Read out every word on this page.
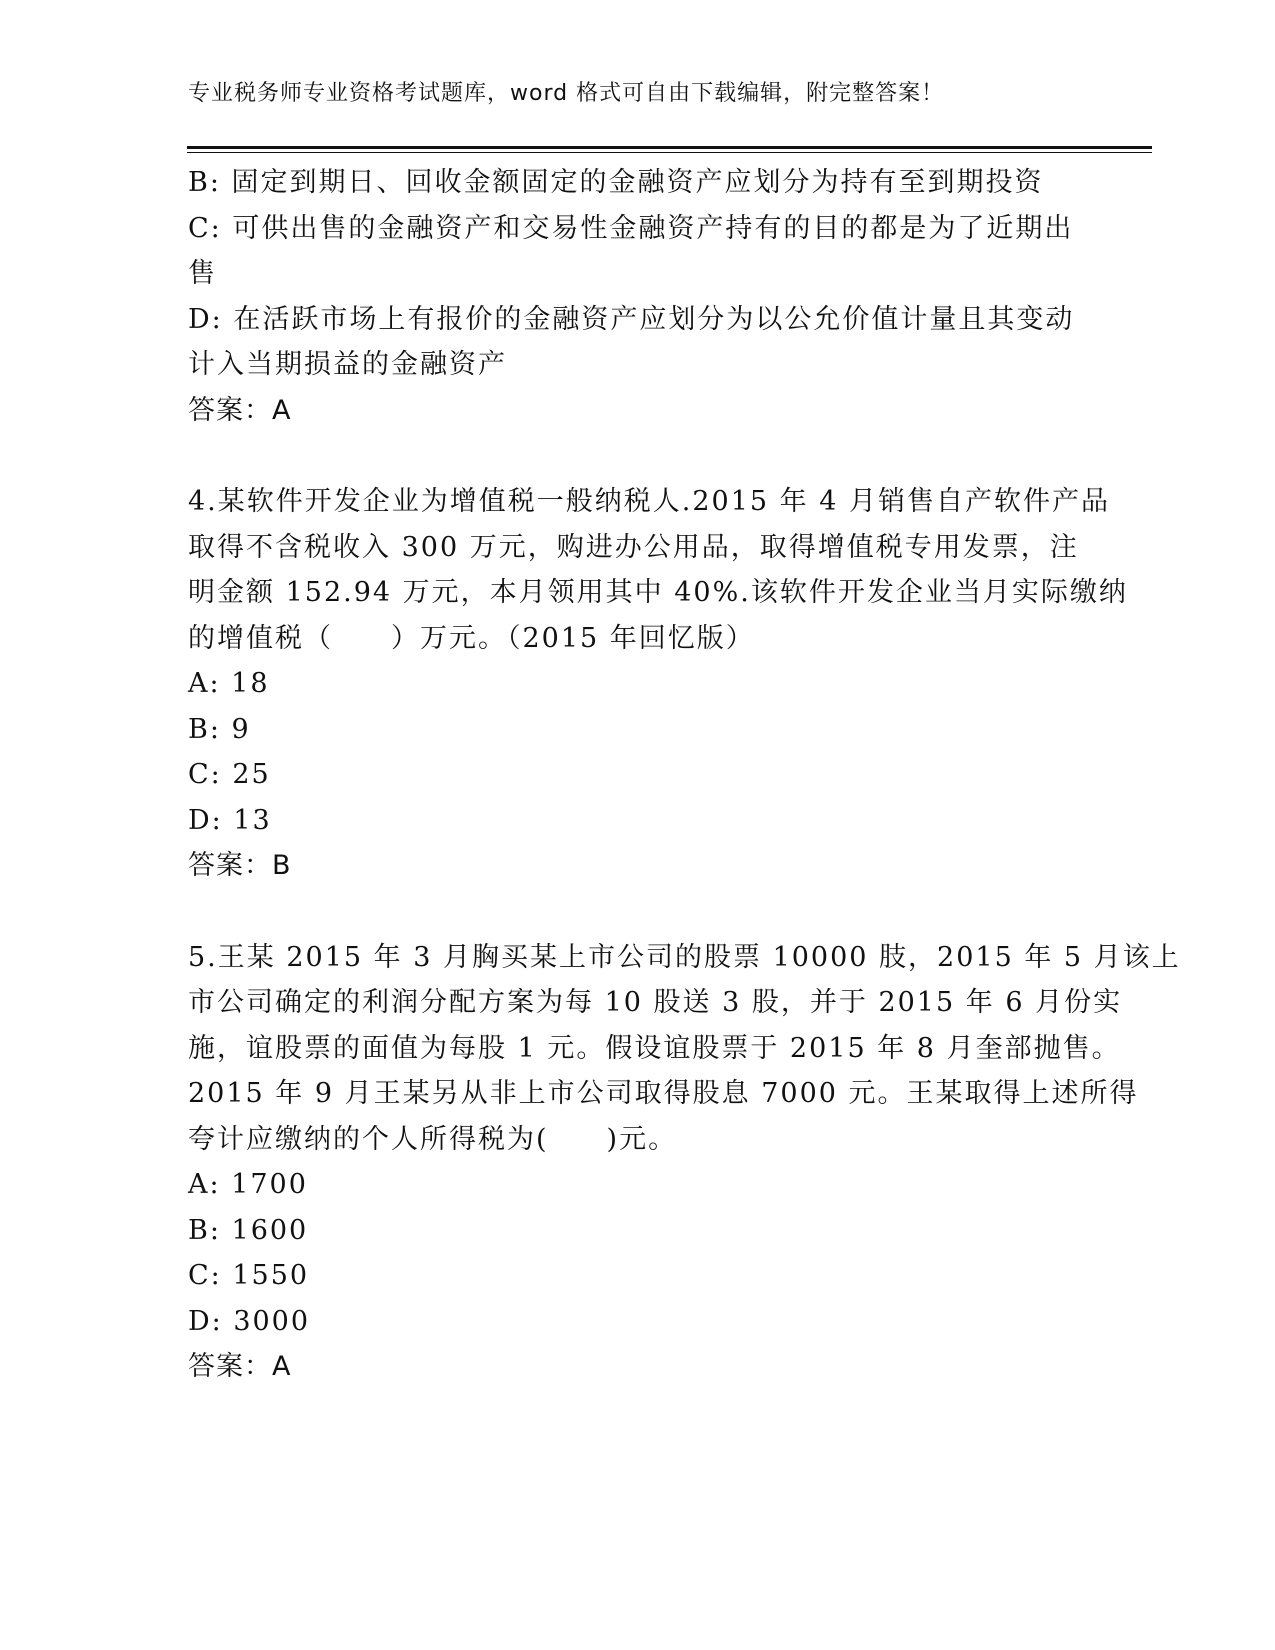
专业税务师专业资格考试题库，word 格式可自由下载编辑，附完整答案！
B: 固定到期日、回收金额固定的金融资产应划分为持有至到期投资
C: 可供出售的金融资产和交易性金融资产持有的目的都是为了近期出
售
D: 在活跃市场上有报价的金融资产应划分为以公允价值计量且其变动
计入当期损益的金融资产
答案：A
4.某软件开发企业为增值税一般纳税人.2015 年 4 月销售自产软件产品
取得不含税收入 300 万元，购进办公用品，取得增值税专用发票，注
明金额 152.94 万元，本月领用其中 40%.该软件开发企业当月实际缴纳
的增值税（　　）万元。（2015 年回忆版）
A: 18
B: 9
C: 25
D: 13
答案：B
5.王某 2015 年 3 月胸买某上市公司的股票 10000 肢，2015 年 5 月该上
市公司确定的利润分配方案为每 10 股送 3 股，并于 2015 年 6 月份实
施，谊股票的面值为每股 1 元。假设谊股票于 2015 年 8 月奎部抛售。
2015 年 9 月王某另从非上市公司取得股息 7000 元。王某取得上述所得
夸计应缴纳的个人所得税为(　　)元。
A: 1700
B: 1600
C: 1550
D: 3000
答案：A
